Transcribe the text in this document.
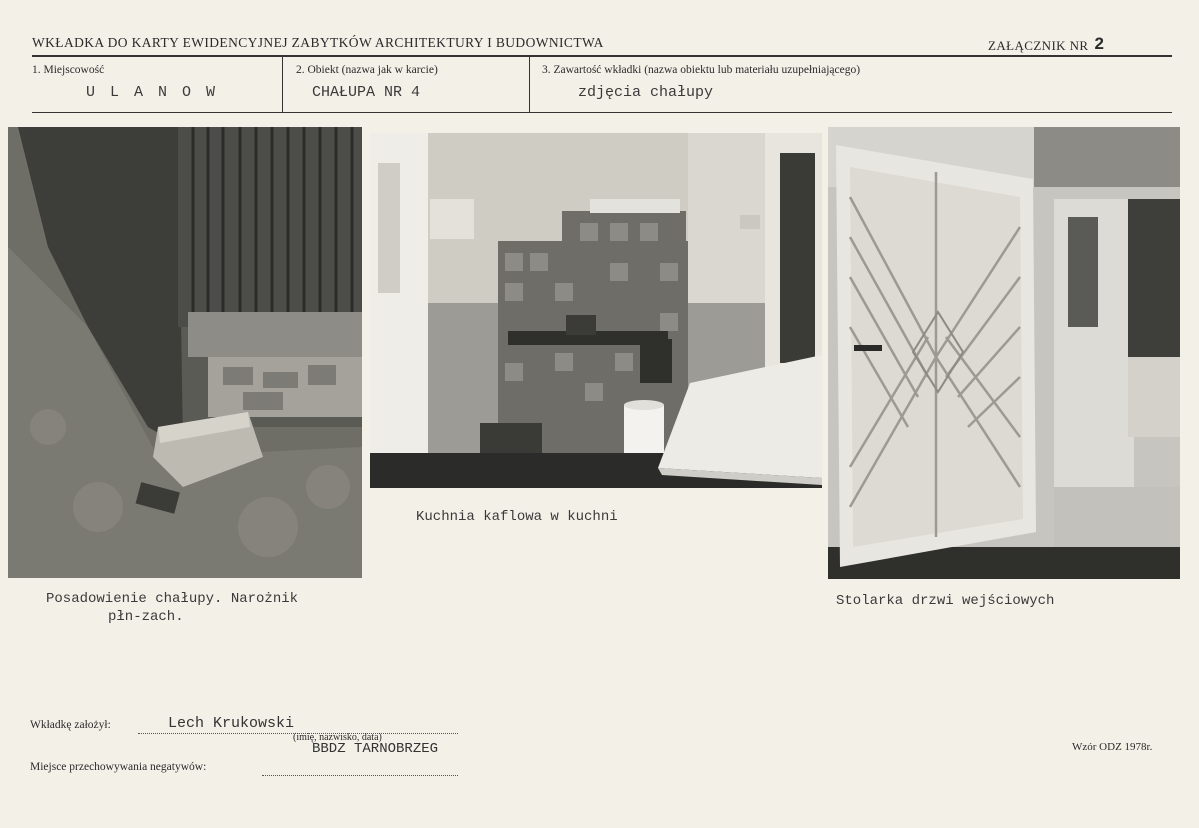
WKŁADKA DO KARTY EWIDENCYJNEJ ZABYTKÓW ARCHITEKTURY I BUDOWNICTWA	ZAŁĄCZNIK NR 2
1. Miejscowość
U L A N O W
2. Obiekt (nazwa jak w karcie)
CHAŁUPA NR 4
3. Zawartość wkładki (nazwa obiektu lub materiału uzupełniającego)
zdjęcia chałupy
Posadowienie chałupy. Narożnik
płn-zach.
Kuchnia kaflowa w kuchni
Stolarka drzwi wejściowych
Wkładkę założył:	Lech Krukowski
(imię, nazwisko, data)
BBDZ TARNOBRZEG
Miejsce przechowywania negatywów:
Wzór ODZ 1978r.
